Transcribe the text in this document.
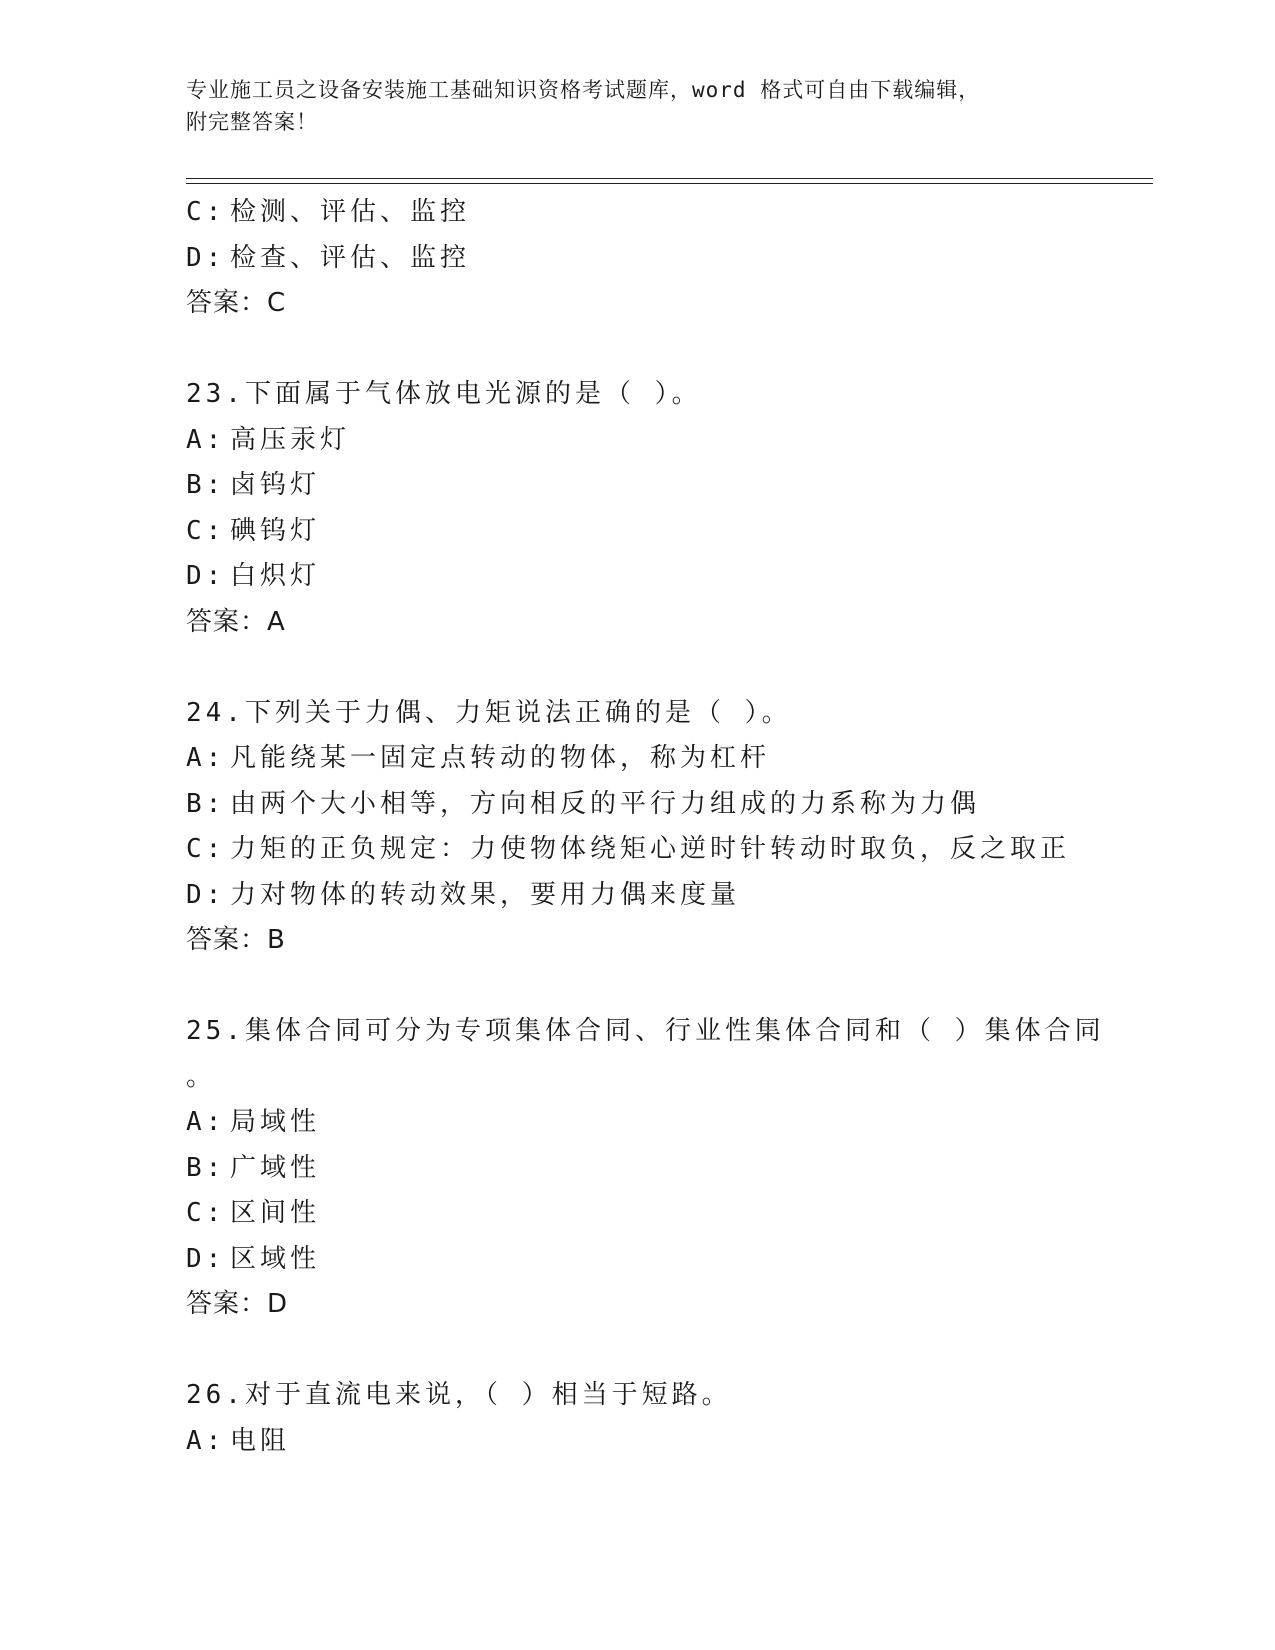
专业施工员之设备安装施工基础知识资格考试题库，word 格式可自由下载编辑，
附完整答案！
C: 检测、评估、监控
D: 检查、评估、监控
答案：C
23.下面属于气体放电光源的是（ ）。
A: 高压汞灯
B: 卤钨灯
C: 碘钨灯
D: 白炽灯
答案：A
24.下列关于力偶、力矩说法正确的是（ ）。
A: 凡能绕某一固定点转动的物体，称为杠杆
B: 由两个大小相等，方向相反的平行力组成的力系称为力偶
C: 力矩的正负规定：力使物体绕矩心逆时针转动时取负，反之取正
D: 力对物体的转动效果，要用力偶来度量
答案：B
25.集体合同可分为专项集体合同、行业性集体合同和（ ）集体合同
。
A: 局域性
B: 广域性
C: 区间性
D: 区域性
答案：D
26.对于直流电来说，（ ）相当于短路。
A: 电阻
